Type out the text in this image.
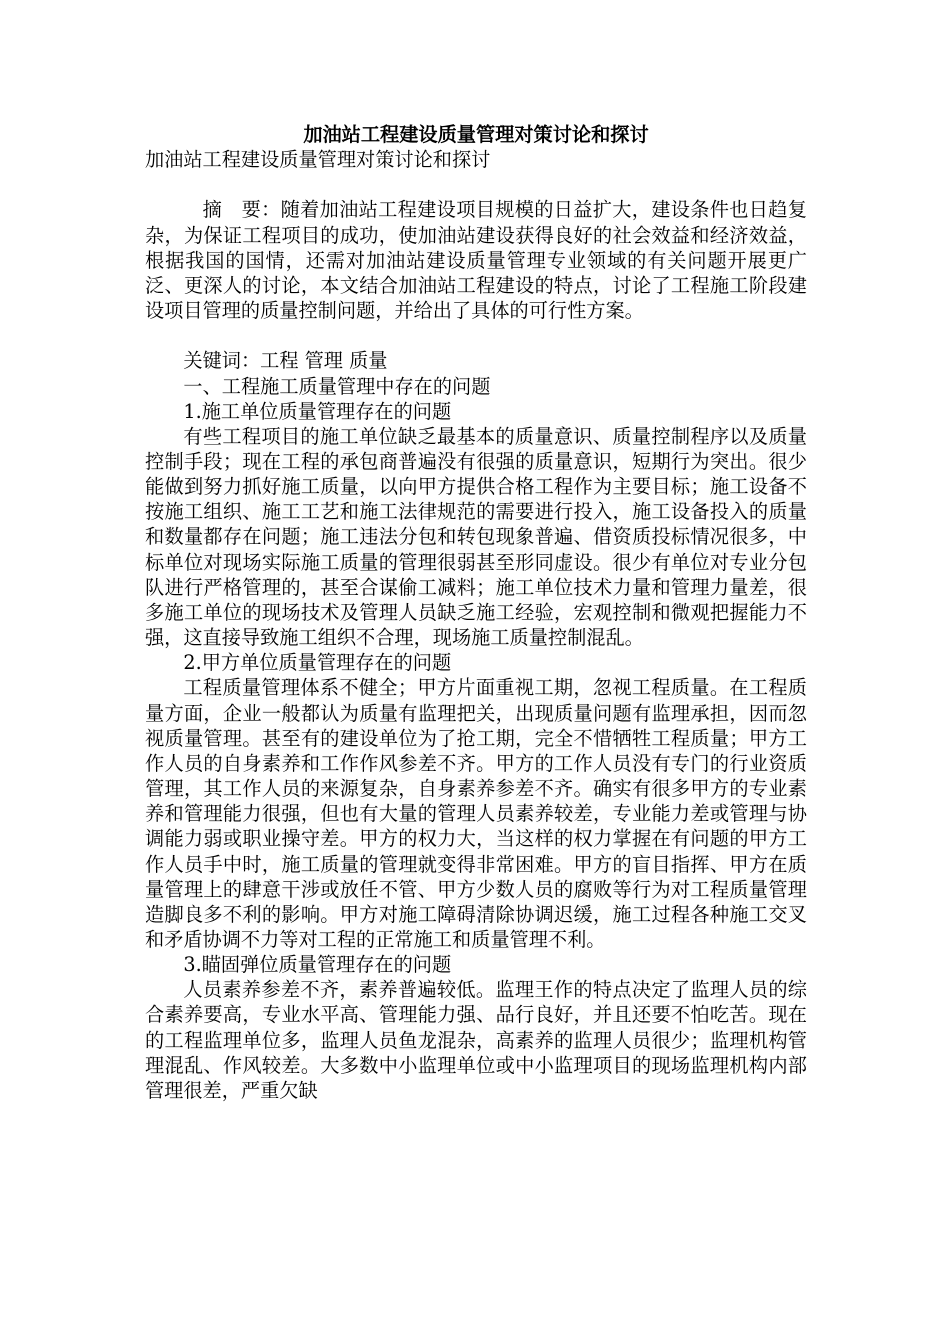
加油站工程建设质量管理对策讨论和探讨

加油站工程建设质量管理对策讨论和探讨

摘　要：随着加油站工程建设项目规模的日益扩大，建设条件也日趋复杂，为保证工程项目的成功，使加油站建设获得良好的社会效益和经济效益，根据我国的国情，还需对加油站建设质量管理专业领域的有关问题开展更广泛、更深人的讨论，本文结合加油站工程建设的特点，讨论了工程施工阶段建设项目管理的质量控制问题，并给出了具体的可行性方案。

关键词：工程 管理 质量

一、工程施工质量管理中存在的问题

1.施工单位质量管理存在的问题

有些工程项目的施工单位缺乏最基本的质量意识、质量控制程序以及质量控制手段；现在工程的承包商普遍没有很强的质量意识，短期行为突出。很少能做到努力抓好施工质量，以向甲方提供合格工程作为主要目标；施工设备不按施工组织、施工工艺和施工法律规范的需要进行投入，施工设备投入的质量和数量都存在问题；施工违法分包和转包现象普遍、借资质投标情况很多，中标单位对现场实际施工质量的管理很弱甚至形同虚设。很少有单位对专业分包队进行严格管理的，甚至合谋偷工减料；施工单位技术力量和管理力量差，很多施工单位的现场技术及管理人员缺乏施工经验，宏观控制和微观把握能力不强，这直接导致施工组织不合理，现场施工质量控制混乱。

2.甲方单位质量管理存在的问题

工程质量管理体系不健全；甲方片面重视工期，忽视工程质量。在工程质量方面，企业一般都认为质量有监理把关，出现质量问题有监理承担，因而忽视质量管理。甚至有的建设单位为了抢工期，完全不惜牺牲工程质量；甲方工作人员的自身素养和工作作风参差不齐。甲方的工作人员没有专门的行业资质管理，其工作人员的来源复杂，自身素养参差不齐。确实有很多甲方的专业素养和管理能力很强，但也有大量的管理人员素养较差，专业能力差或管理与协调能力弱或职业操守差。甲方的权力大，当这样的权力掌握在有问题的甲方工作人员手中时，施工质量的管理就变得非常困难。甲方的盲目指挥、甲方在质量管理上的肆意干涉或放任不管、甲方少数人员的腐败等行为对工程质量管理造脚良多不利的影响。甲方对施工障碍清除协调迟缓，施工过程各种施工交叉和矛盾协调不力等对工程的正常施工和质量管理不利。

3.瞄固弹位质量管理存在的问题

人员素养参差不齐，素养普遍较低。监理王作的特点决定了监理人员的综合素养要高，专业水平高、管理能力强、品行良好，并且还要不怕吃苦。现在的工程监理单位多，监理人员鱼龙混杂，高素养的监理人员很少；监理机构管理混乱、作风较差。大多数中小监理单位或中小监理项目的现场监理机构内部管理很差，严重欠缺
